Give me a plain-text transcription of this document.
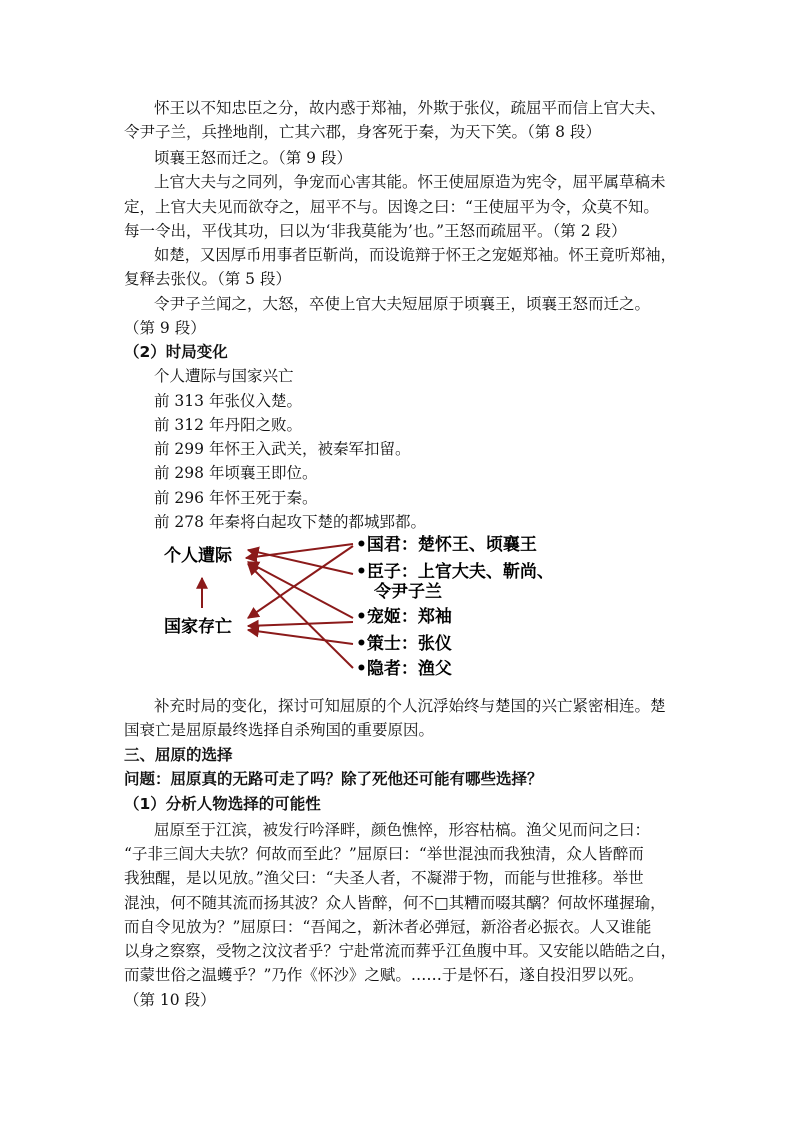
怀王以不知忠臣之分，故内惑于郑袖，外欺于张仪，疏屈平而信上官大夫、
令尹子兰，兵挫地削，亡其六郡，身客死于秦，为天下笑。（第 8 段）
顷襄王怒而迁之。（第 9 段）
上官大夫与之同列，争宠而心害其能。怀王使屈原造为宪令，屈平属草稿未
定，上官大夫见而欲夺之，屈平不与。因谗之曰：“王使屈平为令，众莫不知。
每一令出，平伐其功，曰以为‘非我莫能为’也。”王怒而疏屈平。（第 2 段）
如楚，又因厚币用事者臣靳尚，而设诡辩于怀王之宠姬郑袖。怀王竟听郑袖，
复释去张仪。（第 5 段）
令尹子兰闻之，大怒，卒使上官大夫短屈原于顷襄王，顷襄王怒而迁之。
（第 9 段）
（2）时局变化
个人遭际与国家兴亡
前 313 年张仪入楚。
前 312 年丹阳之败。
前 299 年怀王入武关，被秦军扣留。
前 298 年顷襄王即位。
前 296 年怀王死于秦。
前 278 年秦将白起攻下楚的都城郢都。
个人遭际
国家存亡
•国君：楚怀王、顷襄王
•臣子：上官大夫、靳尚、
令尹子兰
•宠姬：郑袖
•策士：张仪
•隐者：渔父
补充时局的变化，探讨可知屈原的个人沉浮始终与楚国的兴亡紧密相连。楚
国衰亡是屈原最终选择自杀殉国的重要原因。
三、屈原的选择
问题：屈原真的无路可走了吗？除了死他还可能有哪些选择？
（1）分析人物选择的可能性
屈原至于江滨，被发行吟泽畔，颜色憔悴，形容枯槁。渔父见而问之曰：
“子非三闾大夫欤？何故而至此？”屈原曰：“举世混浊而我独清，众人皆醉而
我独醒，是以见放。”渔父曰：“夫圣人者，不凝滞于物，而能与世推移。举世
混浊，何不随其流而扬其波？众人皆醉，何不□其糟而啜其醨？何故怀瑾握瑜，
而自令见放为？”屈原曰：“吾闻之，新沐者必弹冠，新浴者必振衣。人又谁能
以身之察察，受物之汶汶者乎？宁赴常流而葬乎江鱼腹中耳。又安能以皓皓之白，
而蒙世俗之温蠖乎？”乃作《怀沙》之赋。……于是怀石，遂自投汨罗以死。
（第 10 段）
